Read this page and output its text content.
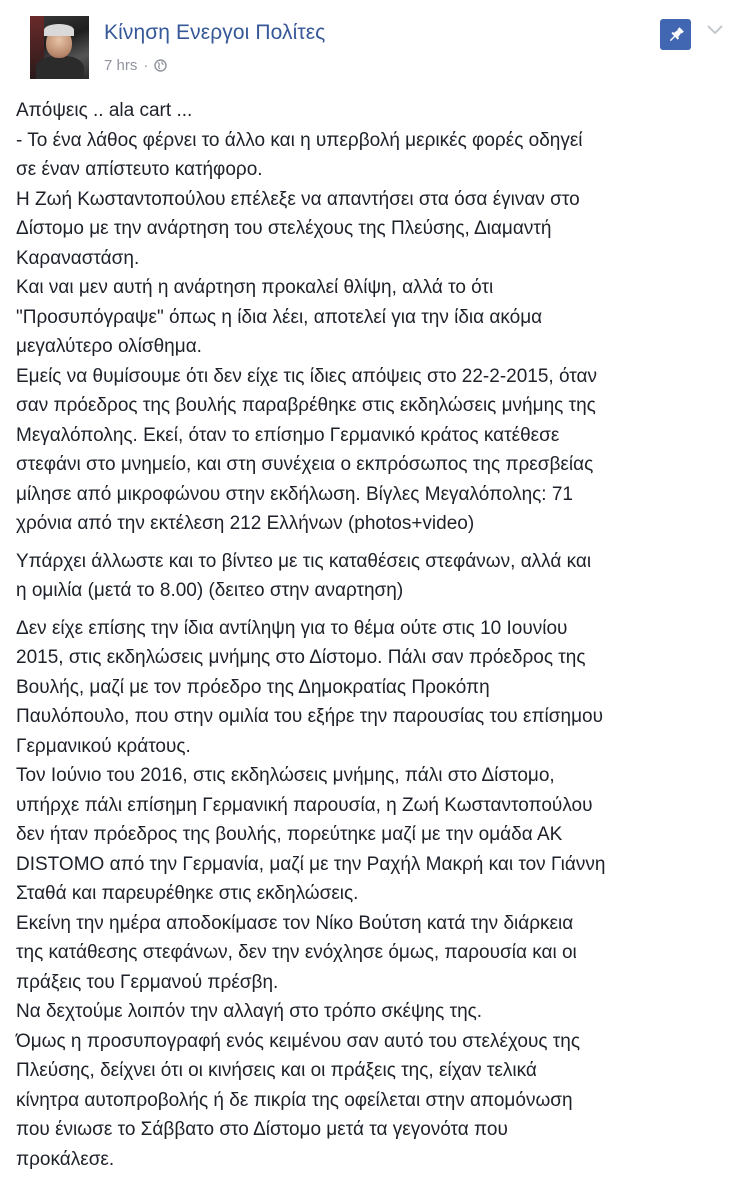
Κίνηση Ενεργοι Πολίτες
7 hrs ·

Απόψεις .. ala cart ...

- Το ένα λάθος φέρνει το άλλο και η υπερβολή μερικές φορές οδηγεί

σε έναν απίστευτο κατήφορο.

Η Ζωή Κωσταντοπούλου επέλεξε να απαντήσει στα όσα έγιναν στο

Δίστομο με την ανάρτηση του στελέχους της Πλεύσης, Διαμαντή

Καραναστάση.

Και ναι μεν αυτή η ανάρτηση προκαλεί θλίψη, αλλά το ότι

"Προσυπόγραψε" όπως η ίδια λέει, αποτελεί για την ίδια ακόμα

μεγαλύτερο ολίσθημα.

Εμείς να θυμίσουμε ότι δεν είχε τις ίδιες απόψεις στο 22-2-2015, όταν

σαν πρόεδρος της βουλής παραβρέθηκε στις εκδηλώσεις μνήμης της

Μεγαλόπολης. Εκεί, όταν το επίσημο Γερμανικό κράτος κατέθεσε

στεφάνι στο μνημείο, και στη συνέχεια ο εκπρόσωπος της πρεσβείας

μίλησε από μικροφώνου στην εκδήλωση. Βίγλες Μεγαλόπολης: 71

χρόνια από την εκτέλεση 212 Ελλήνων (photos+video)

Υπάρχει άλλωστε και το βίντεο με τις καταθέσεις στεφάνων, αλλά και

η ομιλία (μετά το 8.00) (δειτεο στην αναρτηση)

Δεν είχε επίσης την ίδια αντίληψη για το θέμα ούτε στις 10 Ιουνίου

2015, στις εκδηλώσεις μνήμης στο Δίστομο. Πάλι σαν πρόεδρος της

Βουλής, μαζί με τον πρόεδρο της Δημοκρατίας Προκόπη

Παυλόπουλο, που στην ομιλία του εξήρε την παρουσίας του επίσημου

Γερμανικού κράτους.

Τον Ιούνιο του 2016, στις εκδηλώσεις μνήμης, πάλι στο Δίστομο,

υπήρχε πάλι επίσημη Γερμανική παρουσία, η Ζωή Κωσταντοπούλου

δεν ήταν πρόεδρος της βουλής, πορεύτηκε μαζί με την ομάδα ΑΚ

DISTOMO από την Γερμανία, μαζί με την Ραχήλ Μακρή και τον Γιάννη

Σταθά και παρευρέθηκε στις εκδηλώσεις.

Εκείνη την ημέρα αποδοκίμασε τον Νίκο Βούτση κατά την διάρκεια

της κατάθεσης στεφάνων, δεν την ενόχλησε όμως, παρουσία και οι

πράξεις του Γερμανού πρέσβη.

Να δεχτούμε λοιπόν την αλλαγή στο τρόπο σκέψης της.

Όμως η προσυπογραφή ενός κειμένου σαν αυτό του στελέχους της

Πλεύσης, δείχνει ότι οι κινήσεις και οι πράξεις της, είχαν τελικά

κίνητρα αυτοπροβολής ή δε πικρία της οφείλεται στην απομόνωση

που ένιωσε το Σάββατο στο Δίστομο μετά τα γεγονότα που

προκάλεσε.
